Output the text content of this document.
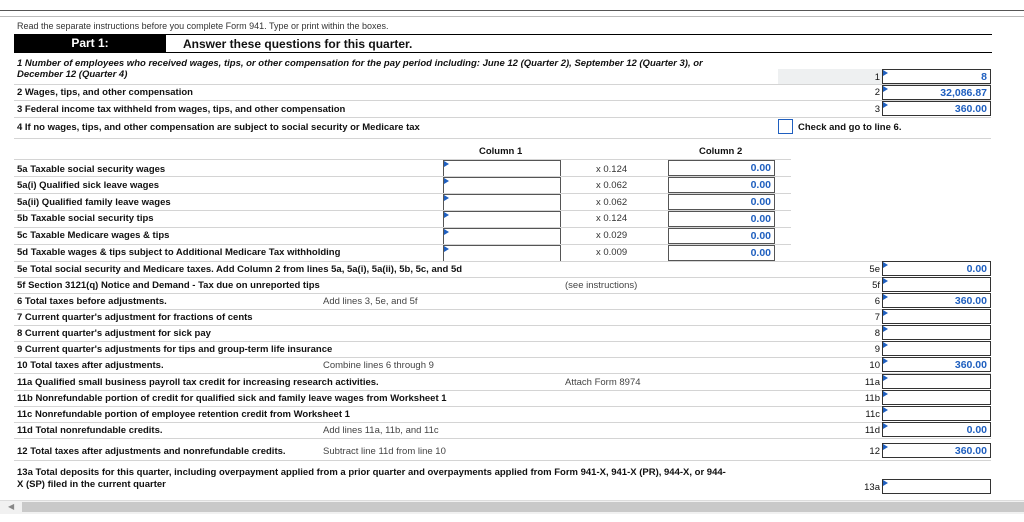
Read the separate instructions before you complete Form 941. Type or print within the boxes.
Part 1:	Answer these questions for this quarter.
1 Number of employees who received wages, tips, or other compensation for the pay period including: June 12 (Quarter 2), September 12 (Quarter 3), or
December 12 (Quarter 4)	1	8
2 Wages, tips, and other compensation	2	32,086.87
3 Federal income tax withheld from wages, tips, and other compensation	3	360.00
4 If no wages, tips, and other compensation are subject to social security or Medicare tax	Check and go to line 6.
Column 1	Column 2
5a Taxable social security wages	x 0.124	0.00
5a(i) Qualified sick leave wages	x 0.062	0.00
5a(ii) Qualified family leave wages	x 0.062	0.00
5b Taxable social security tips	x 0.124	0.00
5c Taxable Medicare wages & tips	x 0.029	0.00
5d Taxable wages & tips subject to Additional Medicare Tax withholding	x 0.009	0.00
5e Total social security and Medicare taxes. Add Column 2 from lines 5a, 5a(i), 5a(ii), 5b, 5c, and 5d	5e	0.00
5f Section 3121(q) Notice and Demand - Tax due on unreported tips	(see instructions)	5f
6 Total taxes before adjustments.	Add lines 3, 5e, and 5f	6	360.00
7 Current quarter's adjustment for fractions of cents	7
8 Current quarter's adjustment for sick pay	8
9 Current quarter's adjustments for tips and group-term life insurance	9
10 Total taxes after adjustments.	Combine lines 6 through 9	10	360.00
11a Qualified small business payroll tax credit for increasing research activities.	Attach Form 8974	11a
11b Nonrefundable portion of credit for qualified sick and family leave wages from Worksheet 1	11b
11c Nonrefundable portion of employee retention credit from Worksheet 1	11c
11d Total nonrefundable credits.	Add lines 11a, 11b, and 11c	11d	0.00
12 Total taxes after adjustments and nonrefundable credits.	Subtract line 11d from line 10	12	360.00
13a Total deposits for this quarter, including overpayment applied from a prior quarter and overpayments applied from Form 941-X, 941-X (PR), 944-X, or 944-
X (SP) filed in the current quarter	13a
◀
